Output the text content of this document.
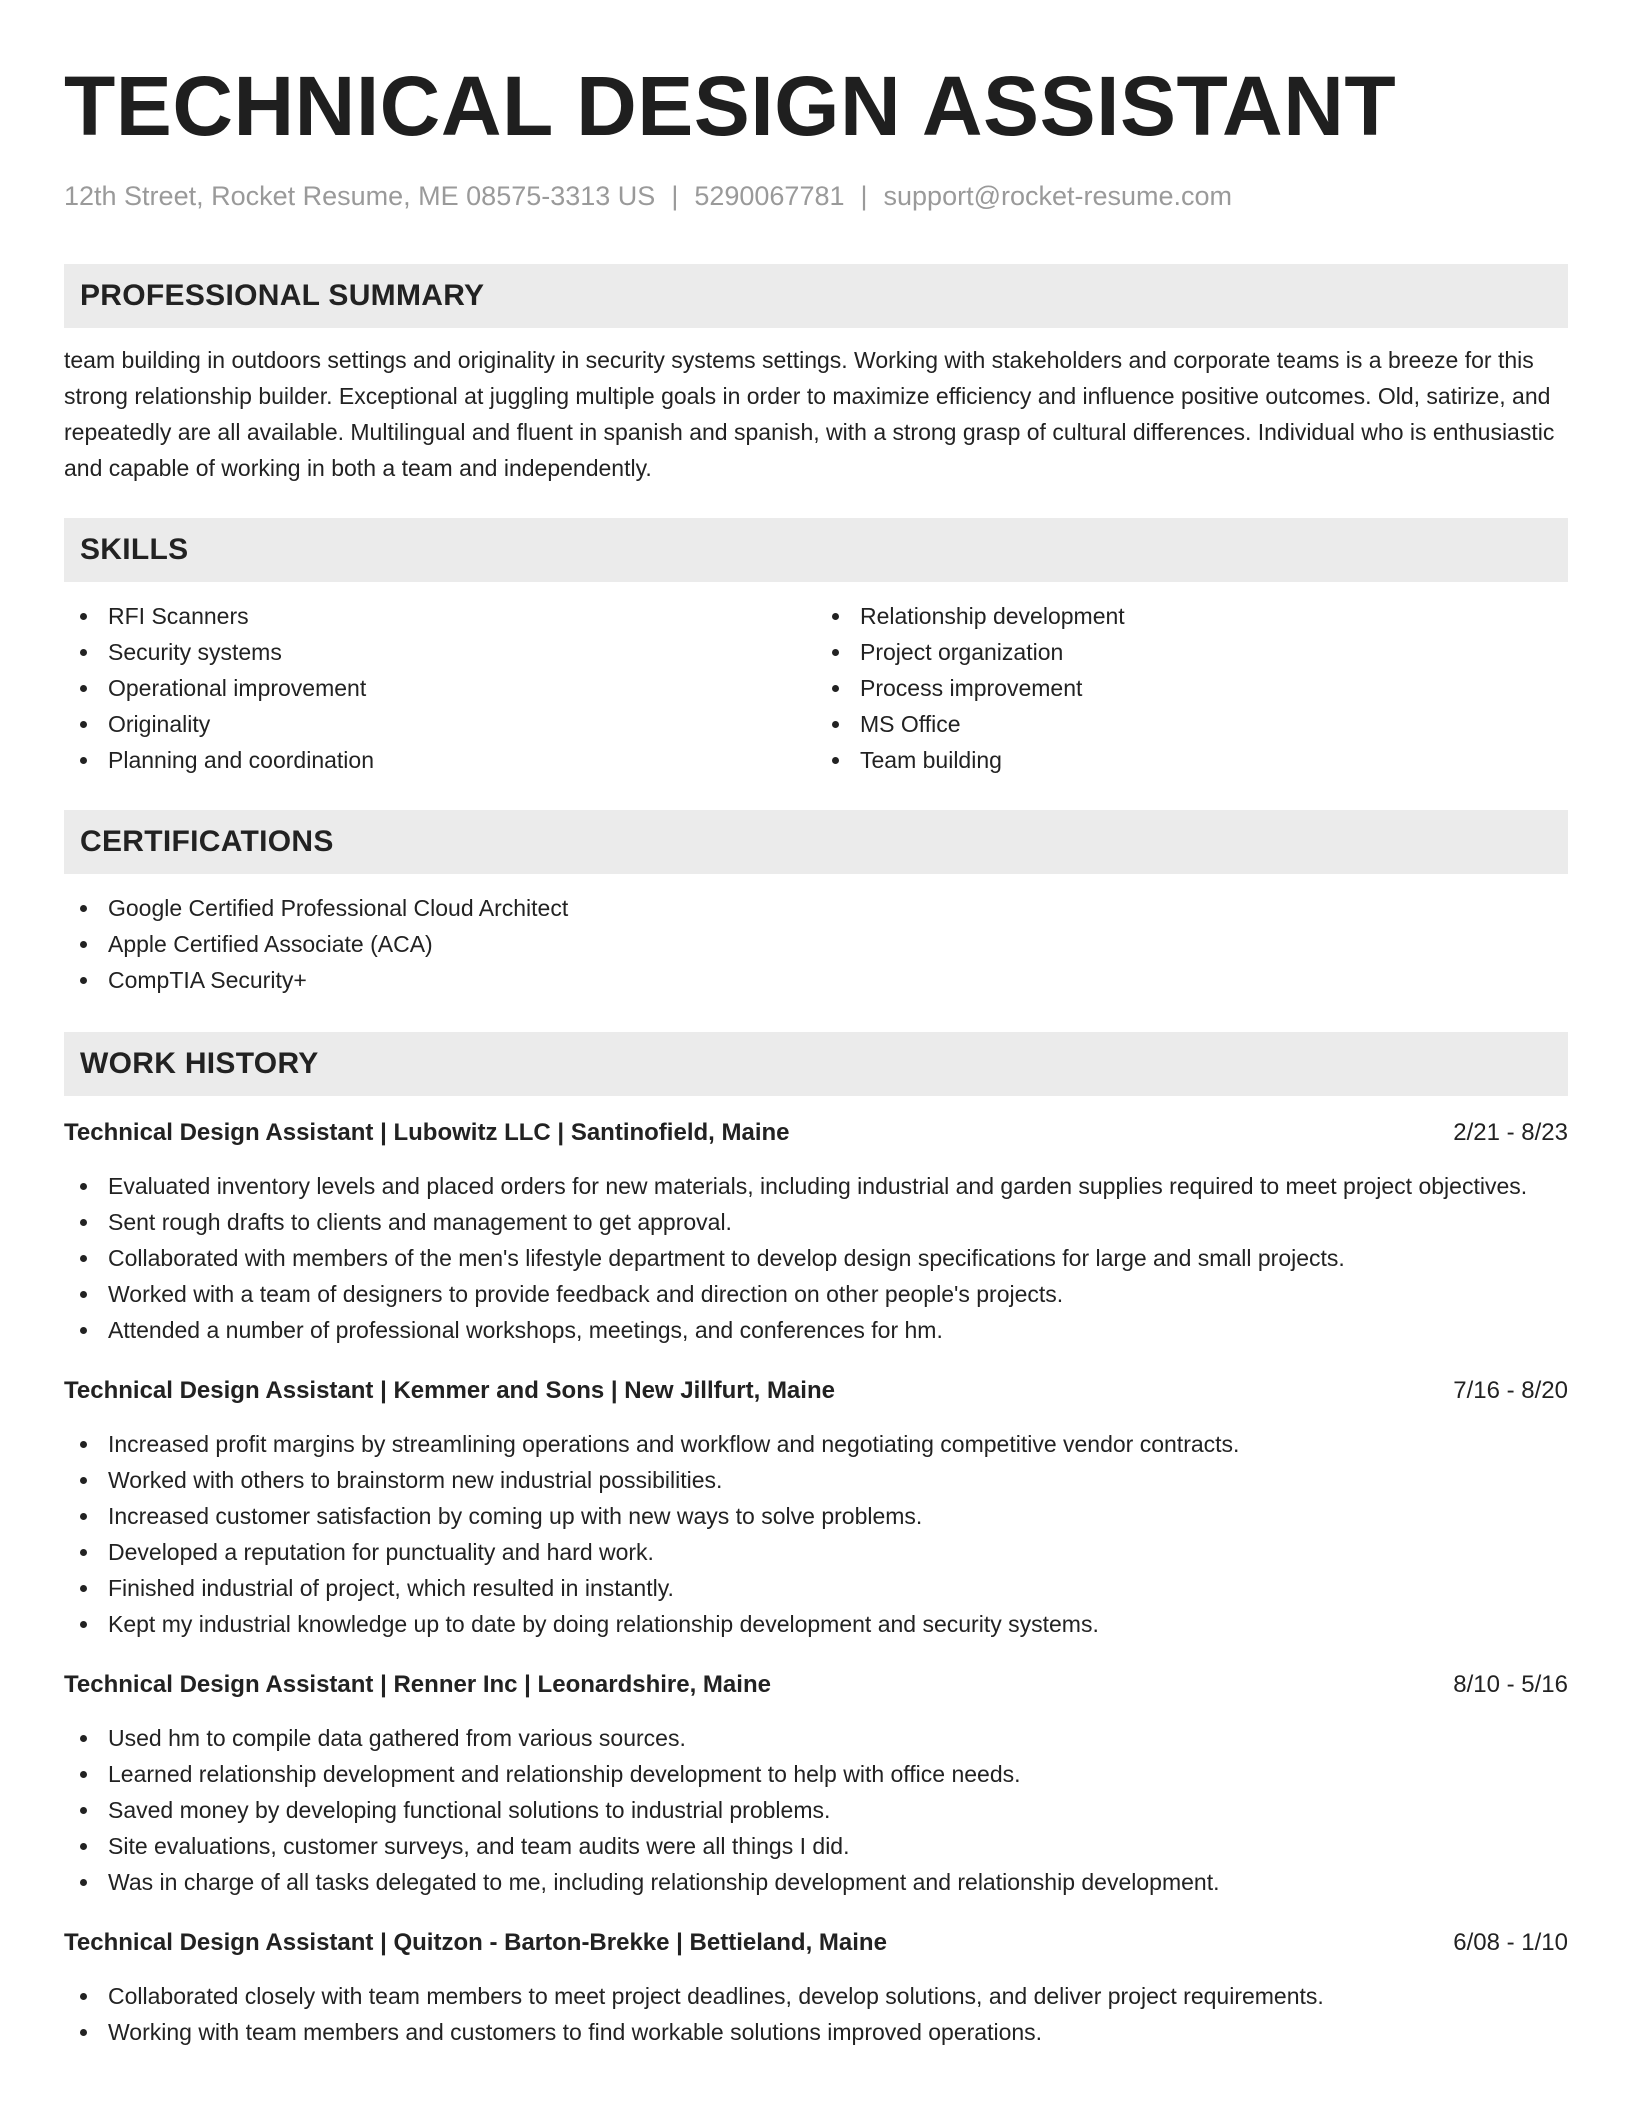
TECHNICAL DESIGN ASSISTANT
12th Street, Rocket Resume, ME 08575-3313 US | 5290067781 | support@rocket-resume.com
PROFESSIONAL SUMMARY

team building in outdoors settings and originality in security systems settings. Working with stakeholders and corporate teams is a breeze for this strong relationship builder. Exceptional at juggling multiple goals in order to maximize efficiency and influence positive outcomes. Old, satirize, and repeatedly are all available. Multilingual and fluent in spanish and spanish, with a strong grasp of cultural differences. Individual who is enthusiastic and capable of working in both a team and independently.

SKILLS
RFI Scanners
Security systems
Operational improvement
Originality
Planning and coordination
Relationship development
Project organization
Process improvement
MS Office
Team building
CERTIFICATIONS
Google Certified Professional Cloud Architect
Apple Certified Associate (ACA)
CompTIA Security+
WORK HISTORY
Technical Design Assistant | Lubowitz LLC | Santinofield, Maine	2/21 - 8/23
Evaluated inventory levels and placed orders for new materials, including industrial and garden supplies required to meet project objectives.
Sent rough drafts to clients and management to get approval.
Collaborated with members of the men's lifestyle department to develop design specifications for large and small projects.
Worked with a team of designers to provide feedback and direction on other people's projects.
Attended a number of professional workshops, meetings, and conferences for hm.
Technical Design Assistant | Kemmer and Sons | New Jillfurt, Maine	7/16 - 8/20
Increased profit margins by streamlining operations and workflow and negotiating competitive vendor contracts.
Worked with others to brainstorm new industrial possibilities.
Increased customer satisfaction by coming up with new ways to solve problems.
Developed a reputation for punctuality and hard work.
Finished industrial of project, which resulted in instantly.
Kept my industrial knowledge up to date by doing relationship development and security systems.
Technical Design Assistant | Renner Inc | Leonardshire, Maine	8/10 - 5/16
Used hm to compile data gathered from various sources.
Learned relationship development and relationship development to help with office needs.
Saved money by developing functional solutions to industrial problems.
Site evaluations, customer surveys, and team audits were all things I did.
Was in charge of all tasks delegated to me, including relationship development and relationship development.
Technical Design Assistant | Quitzon - Barton-Brekke | Bettieland, Maine	6/08 - 1/10
Collaborated closely with team members to meet project deadlines, develop solutions, and deliver project requirements.
Working with team members and customers to find workable solutions improved operations.
